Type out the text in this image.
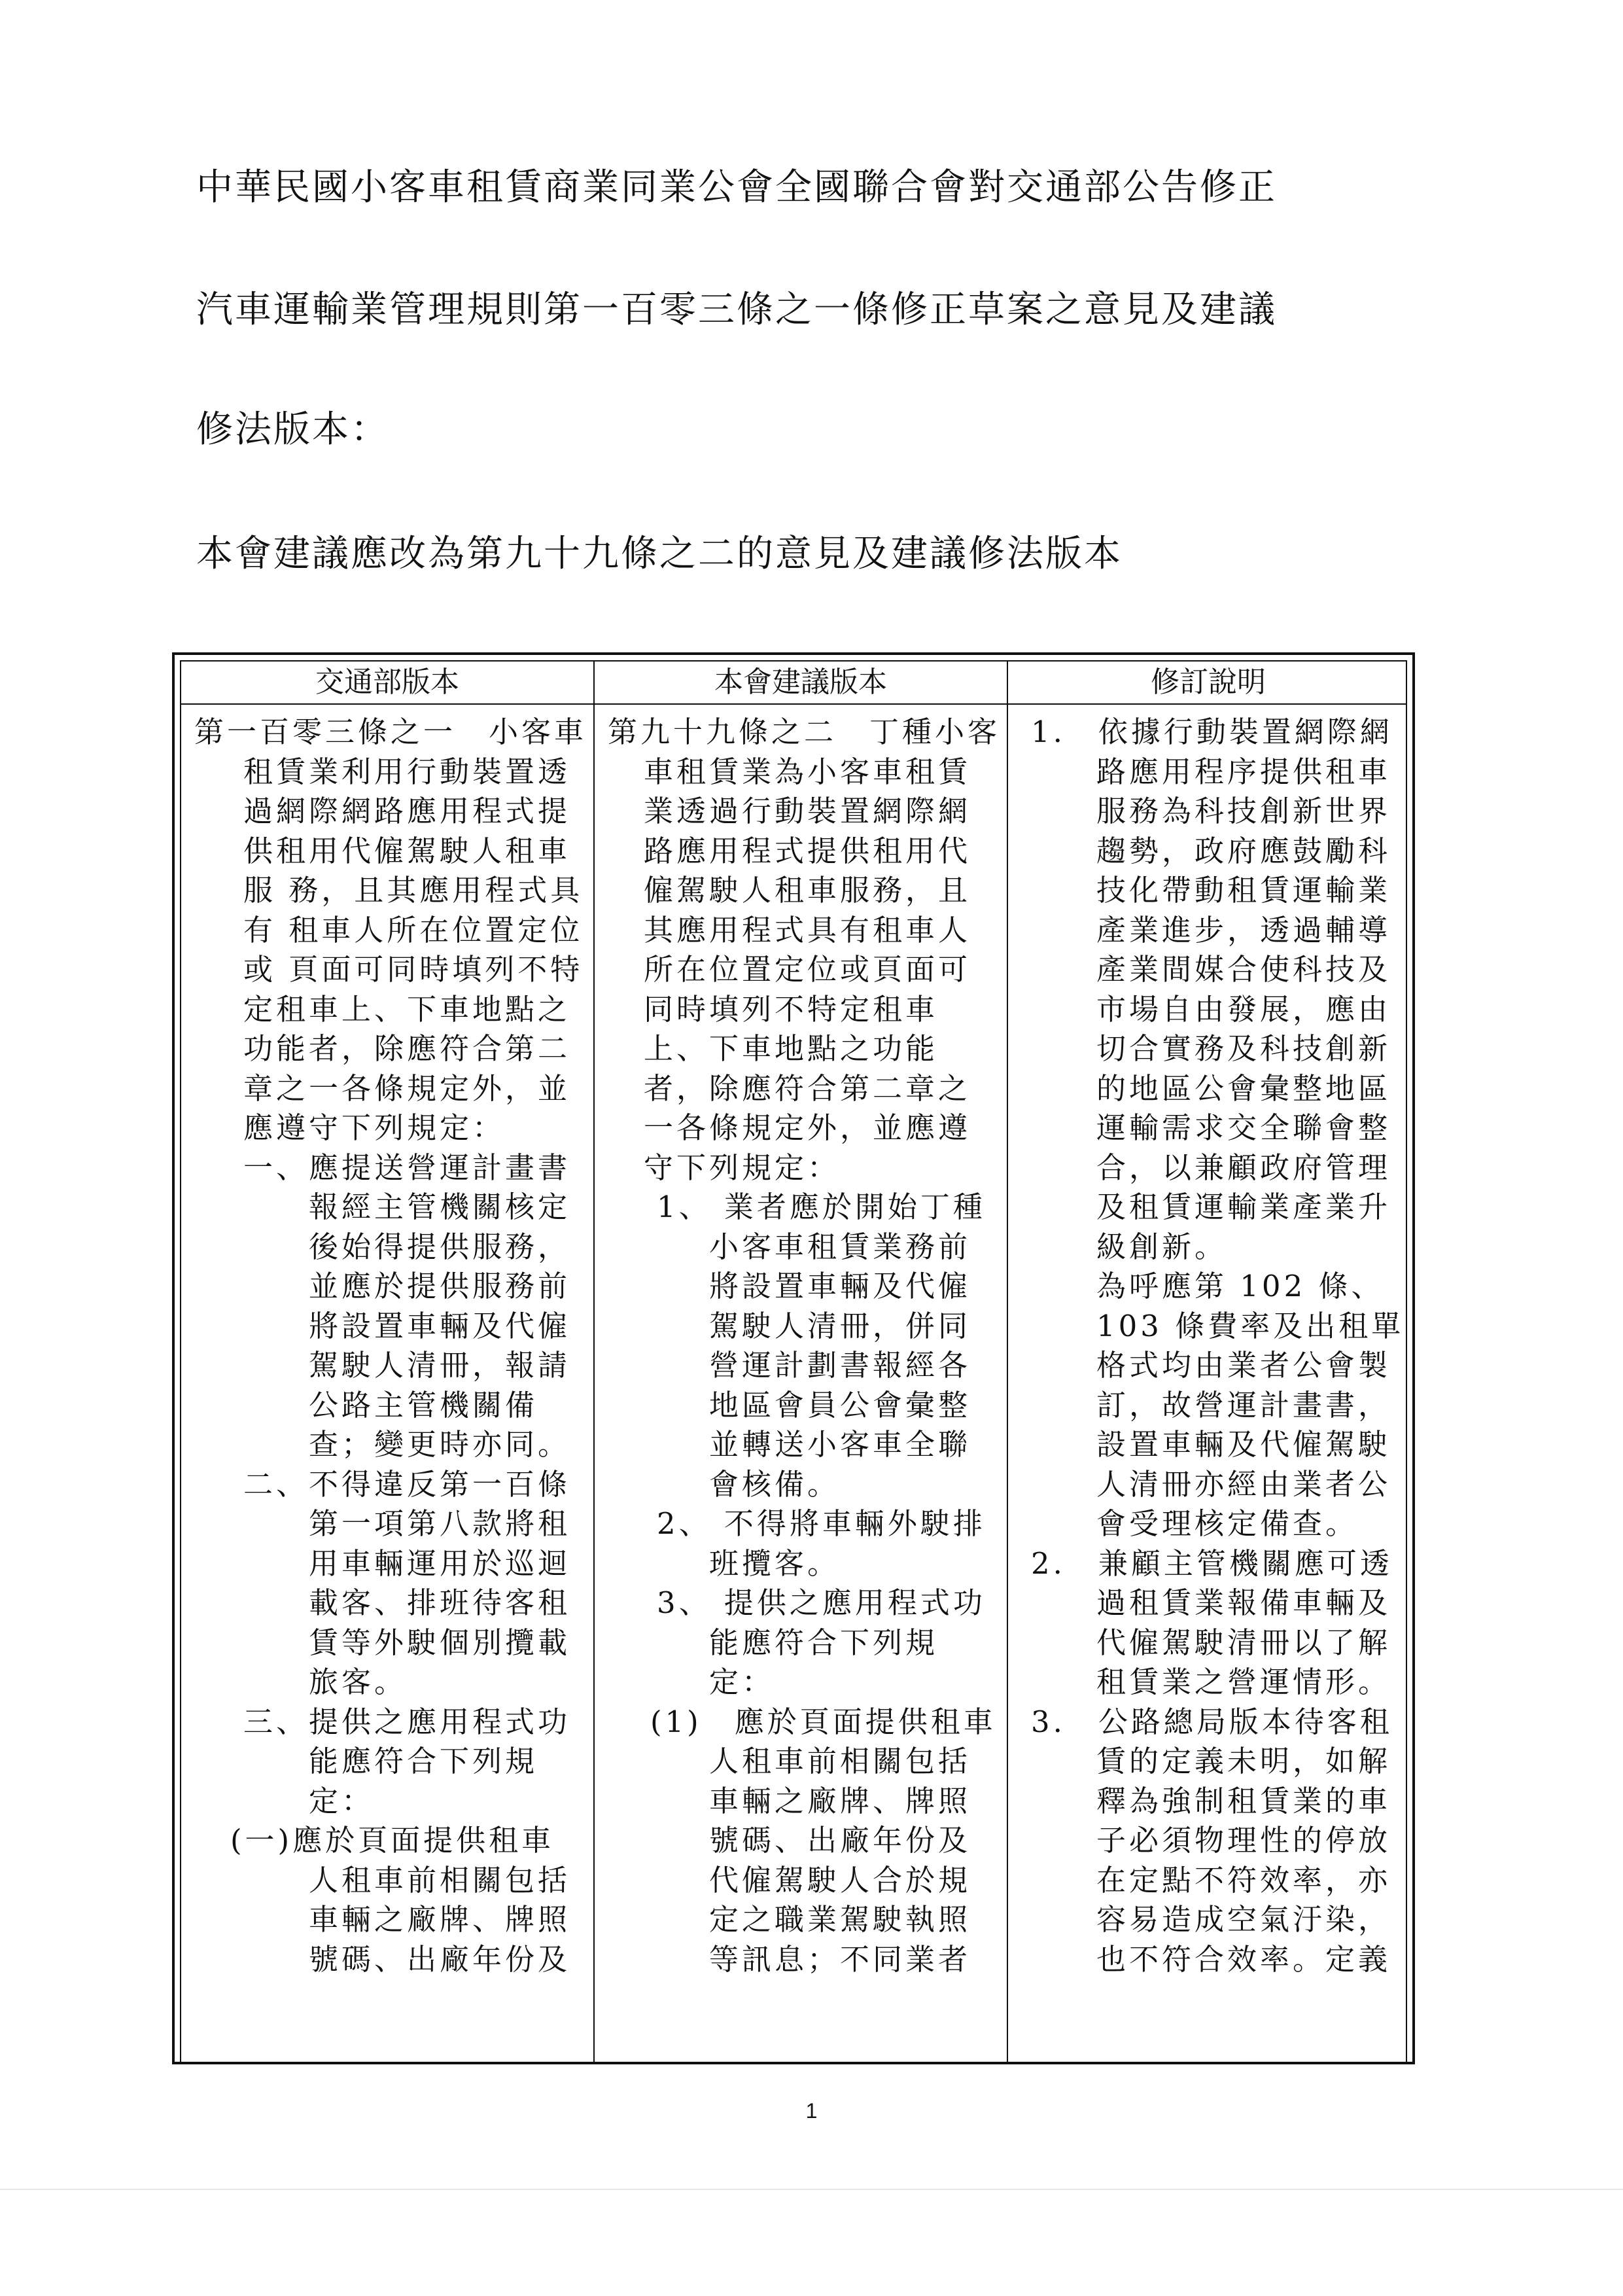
中華民國小客車租賃商業同業公會全國聯合會對交通部公告修正
汽車運輸業管理規則第一百零三條之一條修正草案之意見及建議
修法版本：
本會建議應改為第九十九條之二的意見及建議修法版本
交通部版本	本會建議版本	修訂說明
第一百零三條之一　小客車
租賃業利用行動裝置透
過網際網路應用程式提
供租用代僱駕駛人租車
服 務，且其應用程式具
有 租車人所在位置定位
或 頁面可同時填列不特
定租車上、下車地點之
功能者，除應符合第二
章之一各條規定外，並
應遵守下列規定：
一、應提送營運計畫書
報經主管機關核定
後始得提供服務，
並應於提供服務前
將設置車輛及代僱
駕駛人清冊，報請
公路主管機關備
查；變更時亦同。
二、不得違反第一百條
第一項第八款將租
用車輛運用於巡迴
載客、排班待客租
賃等外駛個別攬載
旅客。
三、提供之應用程式功
能應符合下列規
定：
(一)應於頁面提供租車
人租車前相關包括
車輛之廠牌、牌照
號碼、出廠年份及
第九十九條之二　丁種小客
車租賃業為小客車租賃
業透過行動裝置網際網
路應用程式提供租用代
僱駕駛人租車服務，且
其應用程式具有租車人
所在位置定位或頁面可
同時填列不特定租車
上、下車地點之功能
者，除應符合第二章之
一各條規定外，並應遵
守下列規定：
1、 業者應於開始丁種
小客車租賃業務前
將設置車輛及代僱
駕駛人清冊，併同
營運計劃書報經各
地區會員公會彙整
並轉送小客車全聯
會核備。
2、 不得將車輛外駛排
班攬客。
3、 提供之應用程式功
能應符合下列規
定：
(1)　應於頁面提供租車
人租車前相關包括
車輛之廠牌、牌照
號碼、出廠年份及
代僱駕駛人合於規
定之職業駕駛執照
等訊息；不同業者
1.　依據行動裝置網際網
路應用程序提供租車
服務為科技創新世界
趨勢，政府應鼓勵科
技化帶動租賃運輸業
產業進步，透過輔導
產業間媒合使科技及
市場自由發展，應由
切合實務及科技創新
的地區公會彙整地區
運輸需求交全聯會整
合，以兼顧政府管理
及租賃運輸業產業升
級創新。
為呼應第 102 條、
103 條費率及出租單
格式均由業者公會製
訂，故營運計畫書，
設置車輛及代僱駕駛
人清冊亦經由業者公
會受理核定備查。
2.　兼顧主管機關應可透
過租賃業報備車輛及
代僱駕駛清冊以了解
租賃業之營運情形。
3.　公路總局版本待客租
賃的定義未明，如解
釋為強制租賃業的車
子必須物理性的停放
在定點不符效率，亦
容易造成空氣汙染，
也不符合效率。定義
1
